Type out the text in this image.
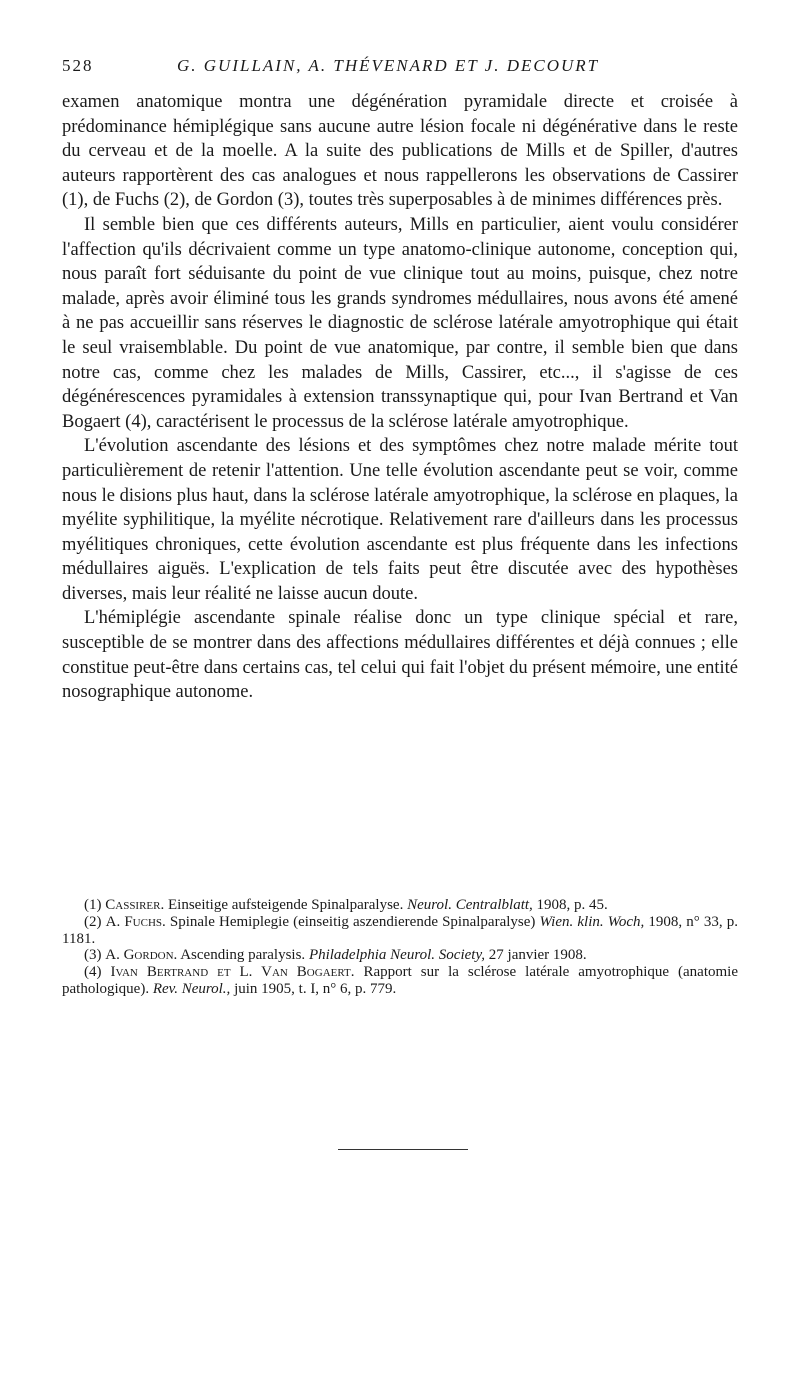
528	G. GUILLAIN, A. THÉVENARD ET J. DECOURT

examen anatomique montra une dégénération pyramidale directe et croisée à prédominance hémiplégique sans aucune autre lésion focale ni dégénérative dans le reste du cerveau et de la moelle. A la suite des publications de Mills et de Spiller, d'autres auteurs rapportèrent des cas analogues et nous rappellerons les observations de Cassirer (1), de Fuchs (2), de Gordon (3), toutes très superposables à de minimes différences près.

Il semble bien que ces différents auteurs, Mills en particulier, aient voulu considérer l'affection qu'ils décrivaient comme un type anatomo-clinique autonome, conception qui, nous paraît fort séduisante du point de vue clinique tout au moins, puisque, chez notre malade, après avoir éliminé tous les grands syndromes médullaires, nous avons été amené à ne pas accueillir sans réserves le diagnostic de sclérose latérale amyotrophique qui était le seul vraisemblable. Du point de vue anatomique, par contre, il semble bien que dans notre cas, comme chez les malades de Mills, Cassirer, etc..., il s'agisse de ces dégénérescences pyramidales à extension transsynaptique qui, pour Ivan Bertrand et Van Bogaert (4), caractérisent le processus de la sclérose latérale amyotrophique.

L'évolution ascendante des lésions et des symptômes chez notre malade mérite tout particulièrement de retenir l'attention. Une telle évolution ascendante peut se voir, comme nous le disions plus haut, dans la sclérose latérale amyotrophique, la sclérose en plaques, la myélite syphilitique, la myélite nécrotique. Relativement rare d'ailleurs dans les processus myélitiques chroniques, cette évolution ascendante est plus fréquente dans les infections médullaires aiguës. L'explication de tels faits peut être discutée avec des hypothèses diverses, mais leur réalité ne laisse aucun doute.

L'hémiplégie ascendante spinale réalise donc un type clinique spécial et rare, susceptible de se montrer dans des affections médullaires différentes et déjà connues ; elle constitue peut-être dans certains cas, tel celui qui fait l'objet du présent mémoire, une entité nosographique autonome.

(1) Cassirer. Einseitige aufsteigende Spinalparalyse. Neurol. Centralblatt, 1908, p. 45.

(2) A. Fuchs. Spinale Hemiplegie (einseitig aszendierende Spinalparalyse) Wien. klin. Woch, 1908, n° 33, p. 1181.

(3) A. Gordon. Ascending paralysis. Philadelphia Neurol. Society, 27 janvier 1908.

(4) Ivan Bertrand et L. Van Bogaert. Rapport sur la sclérose latérale amyotrophique (anatomie pathologique). Rev. Neurol., juin 1905, t. I, n° 6, p. 779.
